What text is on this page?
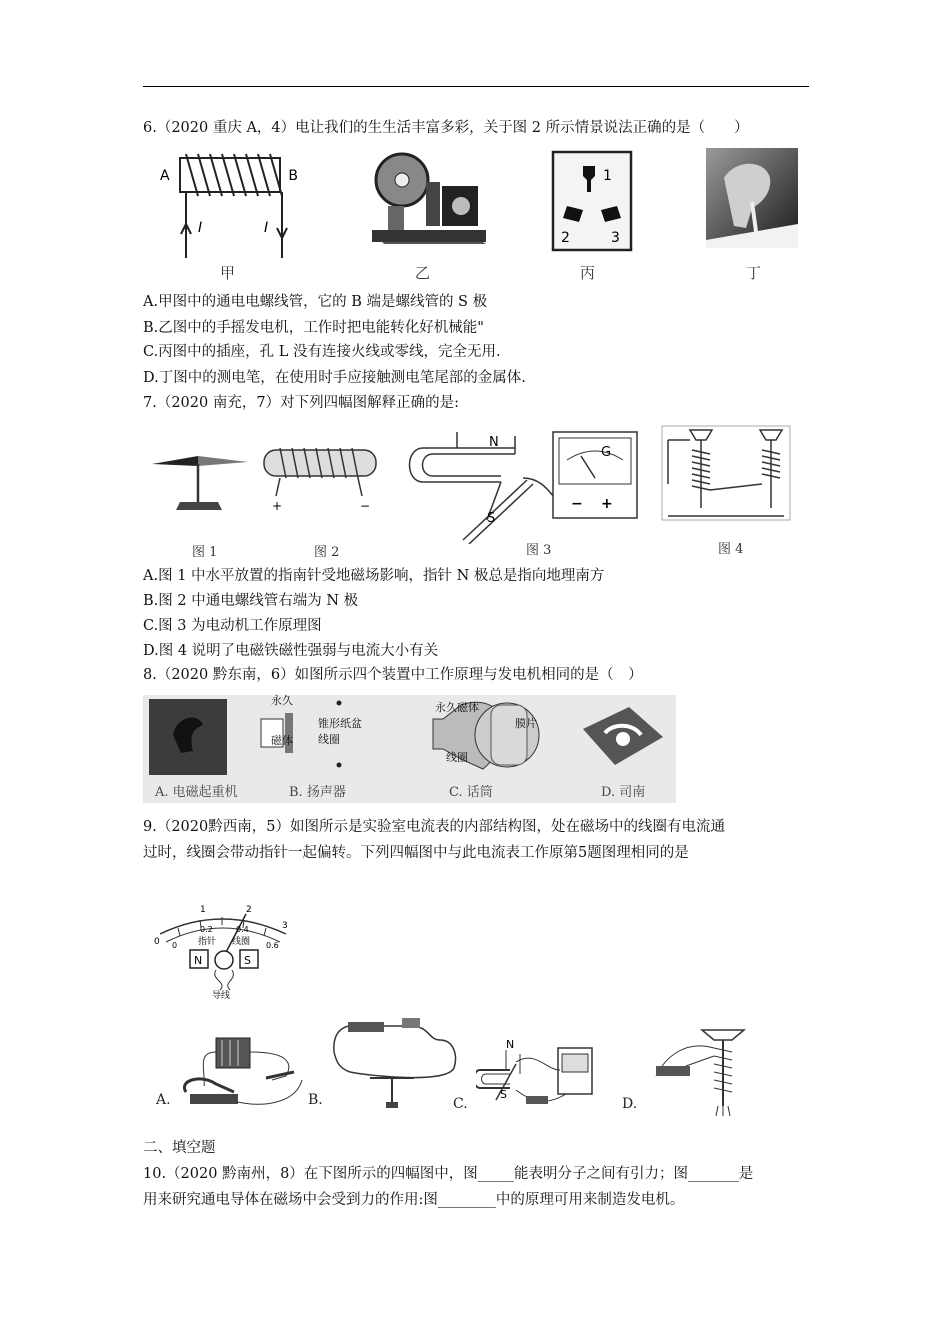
6.（2020 重庆 A，4）电让我们的生生活丰富多彩，关于图 2 所示情景说法正确的是（　　）
A	B
I	I
甲	乙
1
2	3
丙	丁
A.甲图中的通电电螺线管，它的 B 端是螺线管的 S 极
B.乙图中的手摇发电机，工作时把电能转化好机械能"
C.丙图中的插座，孔 L 没有连接火线或零线，完全无用.
D.丁图中的测电笔，在使用时手应接触测电笔尾部的金属体.
7.（2020 南充，7）对下列四幅图解释正确的是:
图 1
+	−
图 2
N
S
G
− +
图 3	图 4
A.图 1 中水平放置的指南针受地磁场影响，指针 N 极总是指向地理南方
B.图 2 中通电螺线管右端为 N 极
C.图 3 为电动机工作原理图
D.图 4 说明了电磁铁磁性强弱与电流大小有关
8.（2020 黔东南，6）如图所示四个装置中工作原理与发电机相同的是（　）
永久
磁体
锥形纸盆
线圈
永久磁体
膜片
线圈
A. 电磁起重机	B. 扬声器	C. 话筒	D. 司南
9.（2020黔西南，5）如图所示是实验室电流表的内部结构图，处在磁场中的线圈有电流通
过时，线圈会带动指针一起偏转。下列四幅图中与此电流表工作原第5题图理相同的是
0
1	2
3
0
0.2	0.4
0.6
指针 线圈
N	S
导线
A.	B.
N
S
C.	D.
二、填空题
10.（2020 黔南州，8）在下图所示的四幅图中，图_____能表明分子之间有引力；图_______是
用来研究通电导体在磁场中会受到力的作用:图________中的原理可用来制造发电机。
